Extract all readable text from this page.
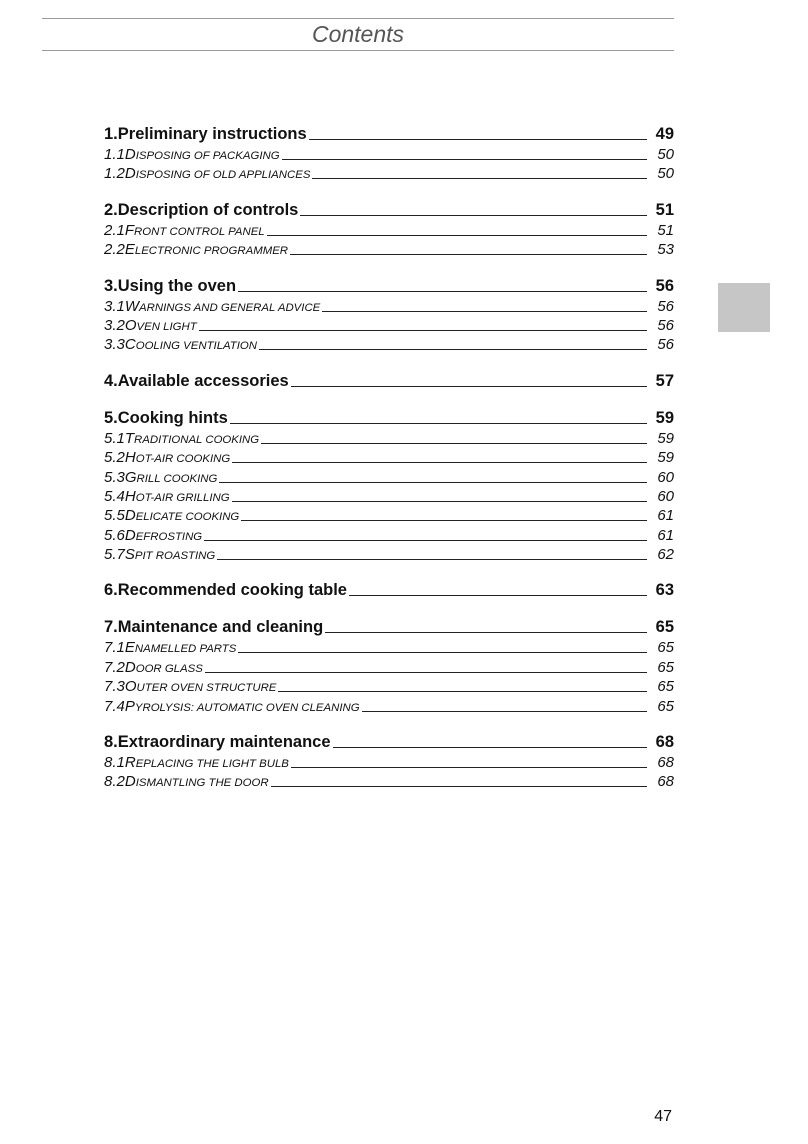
Contents
1. Preliminary instructions	49
1.1 DISPOSING OF PACKAGING	50
1.2 DISPOSING OF OLD APPLIANCES	50
2. Description of controls	51
2.1 FRONT CONTROL PANEL	51
2.2 ELECTRONIC PROGRAMMER	53
3. Using the oven	56
3.1 WARNINGS AND GENERAL ADVICE	56
3.2 OVEN LIGHT	56
3.3 COOLING VENTILATION	56
4. Available accessories	57
5. Cooking hints	59
5.1 TRADITIONAL COOKING	59
5.2 HOT-AIR COOKING	59
5.3 GRILL COOKING	60
5.4 HOT-AIR GRILLING	60
5.5 DELICATE COOKING	61
5.6 DEFROSTING	61
5.7 SPIT ROASTING	62
6. Recommended cooking table	63
7. Maintenance and cleaning	65
7.1 ENAMELLED PARTS	65
7.2 DOOR GLASS	65
7.3 OUTER OVEN STRUCTURE	65
7.4 PYROLYSIS: AUTOMATIC OVEN CLEANING	65
8. Extraordinary maintenance	68
8.1 REPLACING THE LIGHT BULB	68
8.2 DISMANTLING THE DOOR	68
47
